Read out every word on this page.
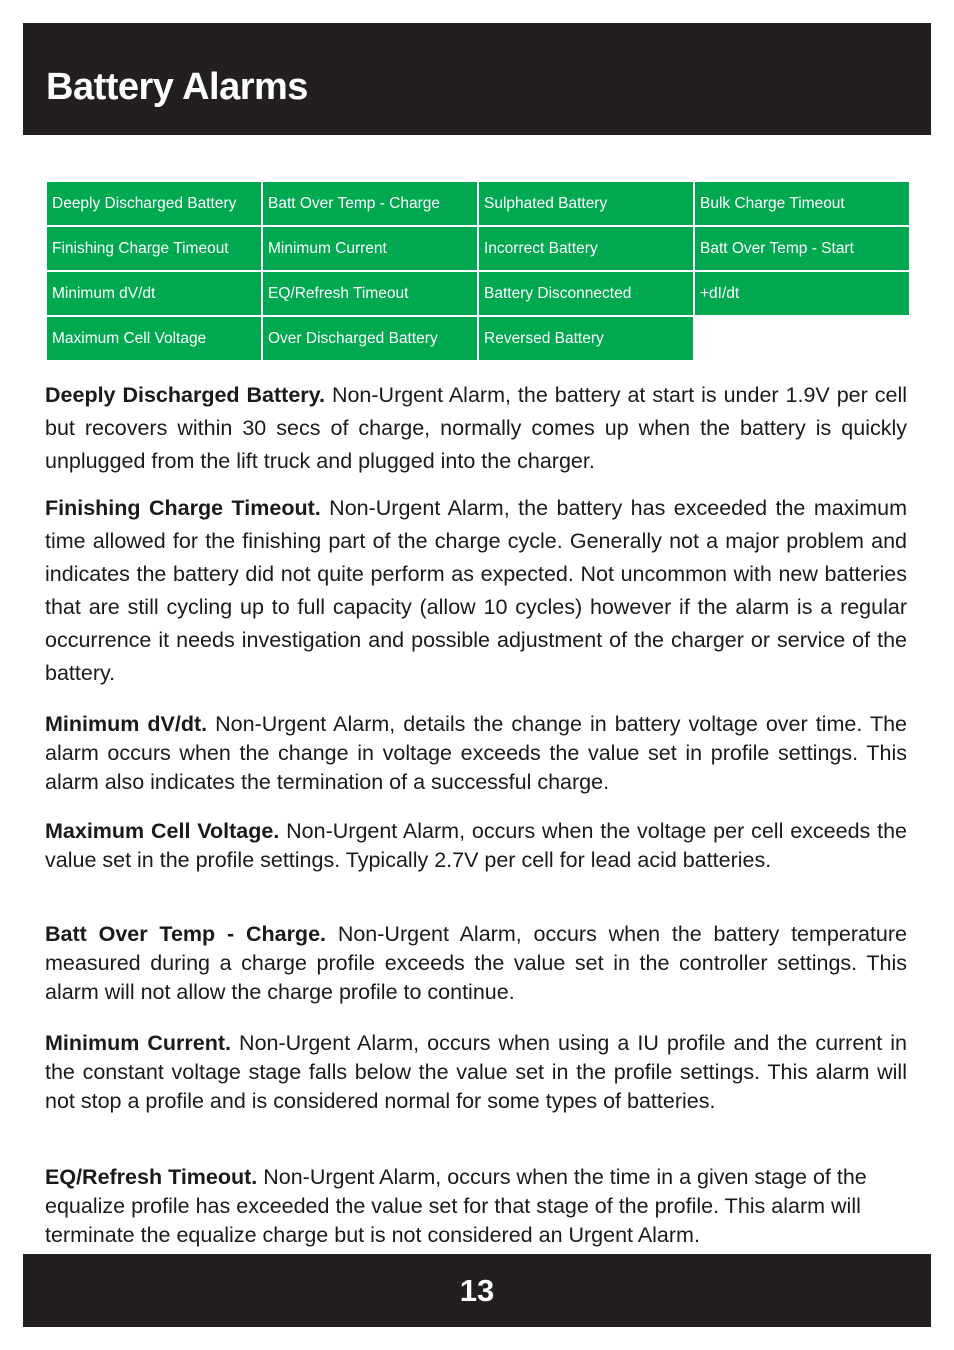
Battery Alarms
Deeply Discharged Battery	Batt Over Temp - Charge	Sulphated Battery	Bulk Charge Timeout
Finishing Charge Timeout	Minimum Current	Incorrect Battery	Batt Over Temp - Start
Minimum dV/dt	EQ/Refresh Timeout	Battery Disconnected	+dI/dt
Maximum Cell Voltage	Over Discharged Battery	Reversed Battery

Deeply Discharged Battery. Non-Urgent Alarm, the battery at start is under 1.9V per cell but recovers within 30 secs of charge, normally comes up when the battery is quickly unplugged from the lift truck and plugged into the charger.

Finishing Charge Timeout. Non-Urgent Alarm, the battery has exceeded the maximum time allowed for the finishing part of the charge cycle. Generally not a major problem and indicates the battery did not quite perform as expected. Not uncommon with new batteries that are still cycling up to full capacity (allow 10 cycles) however if the alarm is a regular occurrence it needs investigation and possible adjustment of the charger or service of the battery.

Minimum dV/dt. Non-Urgent Alarm, details the change in battery voltage over time. The alarm occurs when the change in voltage exceeds the value set in profile settings. This alarm also indicates the termination of a successful charge.

Maximum Cell Voltage. Non-Urgent Alarm, occurs when the voltage per cell exceeds the value set in the profile settings. Typically 2.7V per cell for lead acid batteries.

Batt Over Temp - Charge. Non-Urgent Alarm, occurs when the battery temperature measured during a charge profile exceeds the value set in the controller settings. This alarm will not allow the charge profile to continue.

Minimum Current. Non-Urgent Alarm, occurs when using a IU profile and the current in the constant voltage stage falls below the value set in the profile settings. This alarm will not stop a profile and is considered normal for some types of batteries.

EQ/Refresh Timeout. Non-Urgent Alarm, occurs when the time in a given stage of the equalize profile has exceeded the value set for that stage of the profile. This alarm will terminate the equalize charge but is not considered an Urgent Alarm.

13
